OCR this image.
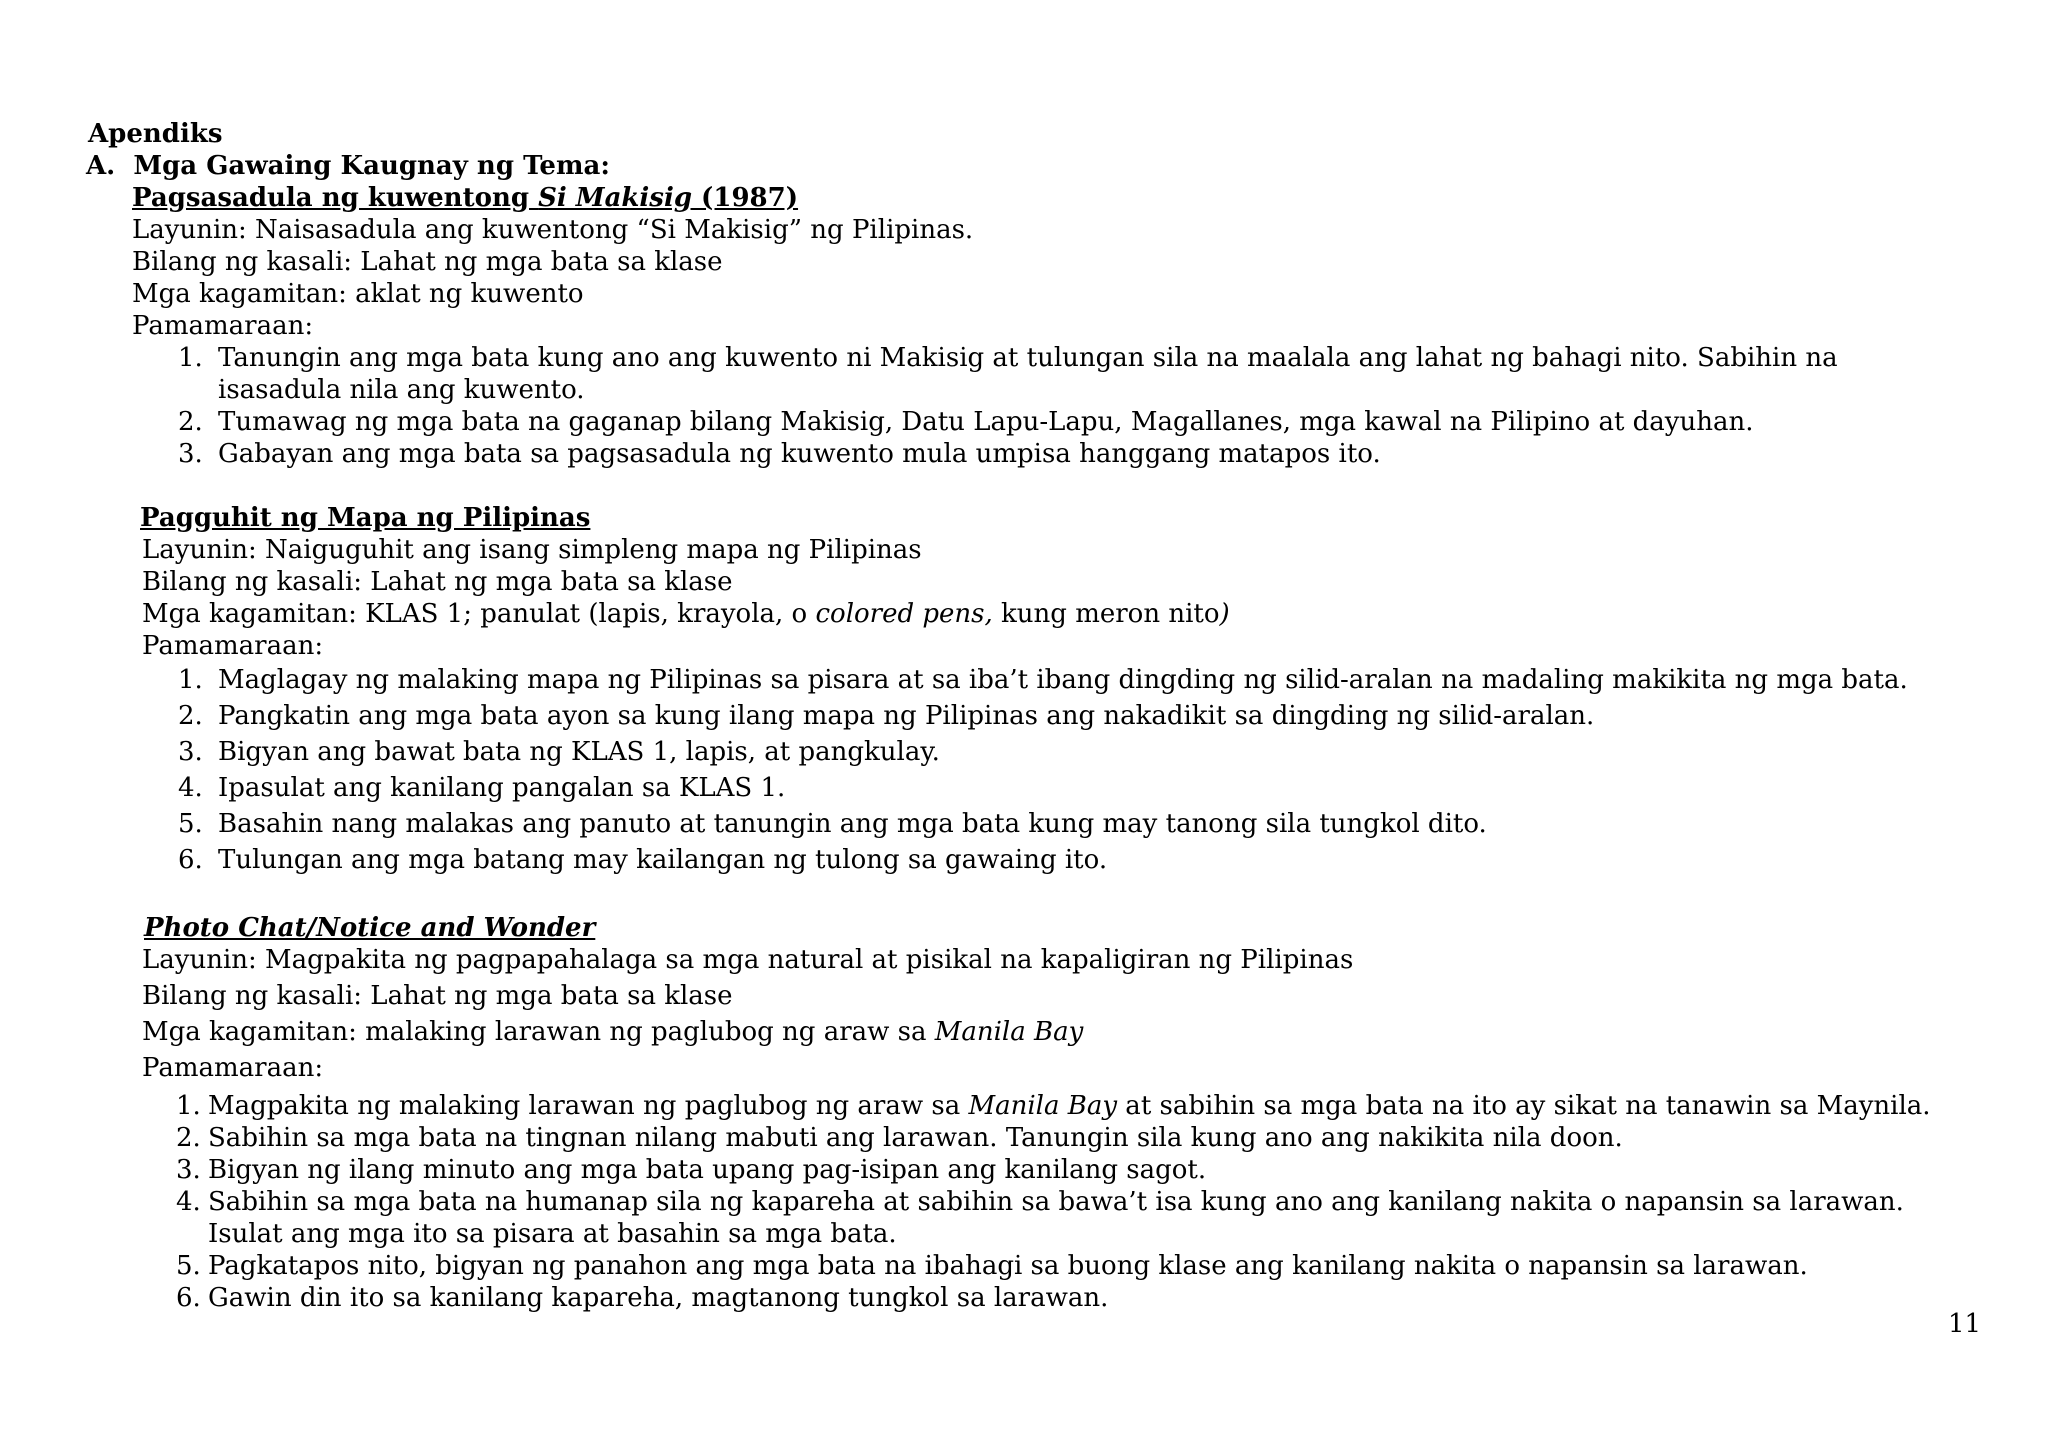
Apendiks
A. Mga Gawaing Kaugnay ng Tema:
Pagsasadula ng kuwentong Si Makisig (1987)
Layunin: Naisasadula ang kuwentong “Si Makisig” ng Pilipinas.
Bilang ng kasali: Lahat ng mga bata sa klase
Mga kagamitan: aklat ng kuwento
Pamamaraan:
1. Tanungin ang mga bata kung ano ang kuwento ni Makisig at tulungan sila na maalala ang lahat ng bahagi nito. Sabihin na
isasadula nila ang kuwento.
2. Tumawag ng mga bata na gaganap bilang Makisig, Datu Lapu-Lapu, Magallanes, mga kawal na Pilipino at dayuhan.
3. Gabayan ang mga bata sa pagsasadula ng kuwento mula umpisa hanggang matapos ito.
Pagguhit ng Mapa ng Pilipinas
Layunin: Naiguguhit ang isang simpleng mapa ng Pilipinas
Bilang ng kasali: Lahat ng mga bata sa klase
Mga kagamitan: KLAS 1; panulat (lapis, krayola, o colored pens, kung meron nito)
Pamamaraan:
1. Maglagay ng malaking mapa ng Pilipinas sa pisara at sa iba’t ibang dingding ng silid-aralan na madaling makikita ng mga bata.
2. Pangkatin ang mga bata ayon sa kung ilang mapa ng Pilipinas ang nakadikit sa dingding ng silid-aralan.
3. Bigyan ang bawat bata ng KLAS 1, lapis, at pangkulay.
4. Ipasulat ang kanilang pangalan sa KLAS 1.
5. Basahin nang malakas ang panuto at tanungin ang mga bata kung may tanong sila tungkol dito.
6. Tulungan ang mga batang may kailangan ng tulong sa gawaing ito.
Photo Chat/Notice and Wonder
Layunin: Magpakita ng pagpapahalaga sa mga natural at pisikal na kapaligiran ng Pilipinas
Bilang ng kasali: Lahat ng mga bata sa klase
Mga kagamitan: malaking larawan ng paglubog ng araw sa Manila Bay
Pamamaraan:
1. Magpakita ng malaking larawan ng paglubog ng araw sa Manila Bay at sabihin sa mga bata na ito ay sikat na tanawin sa Maynila.
2. Sabihin sa mga bata na tingnan nilang mabuti ang larawan. Tanungin sila kung ano ang nakikita nila doon.
3. Bigyan ng ilang minuto ang mga bata upang pag-isipan ang kanilang sagot.
4. Sabihin sa mga bata na humanap sila ng kapareha at sabihin sa bawa’t isa kung ano ang kanilang nakita o napansin sa larawan.
Isulat ang mga ito sa pisara at basahin sa mga bata.
5. Pagkatapos nito, bigyan ng panahon ang mga bata na ibahagi sa buong klase ang kanilang nakita o napansin sa larawan.
6. Gawin din ito sa kanilang kapareha, magtanong tungkol sa larawan.
11
